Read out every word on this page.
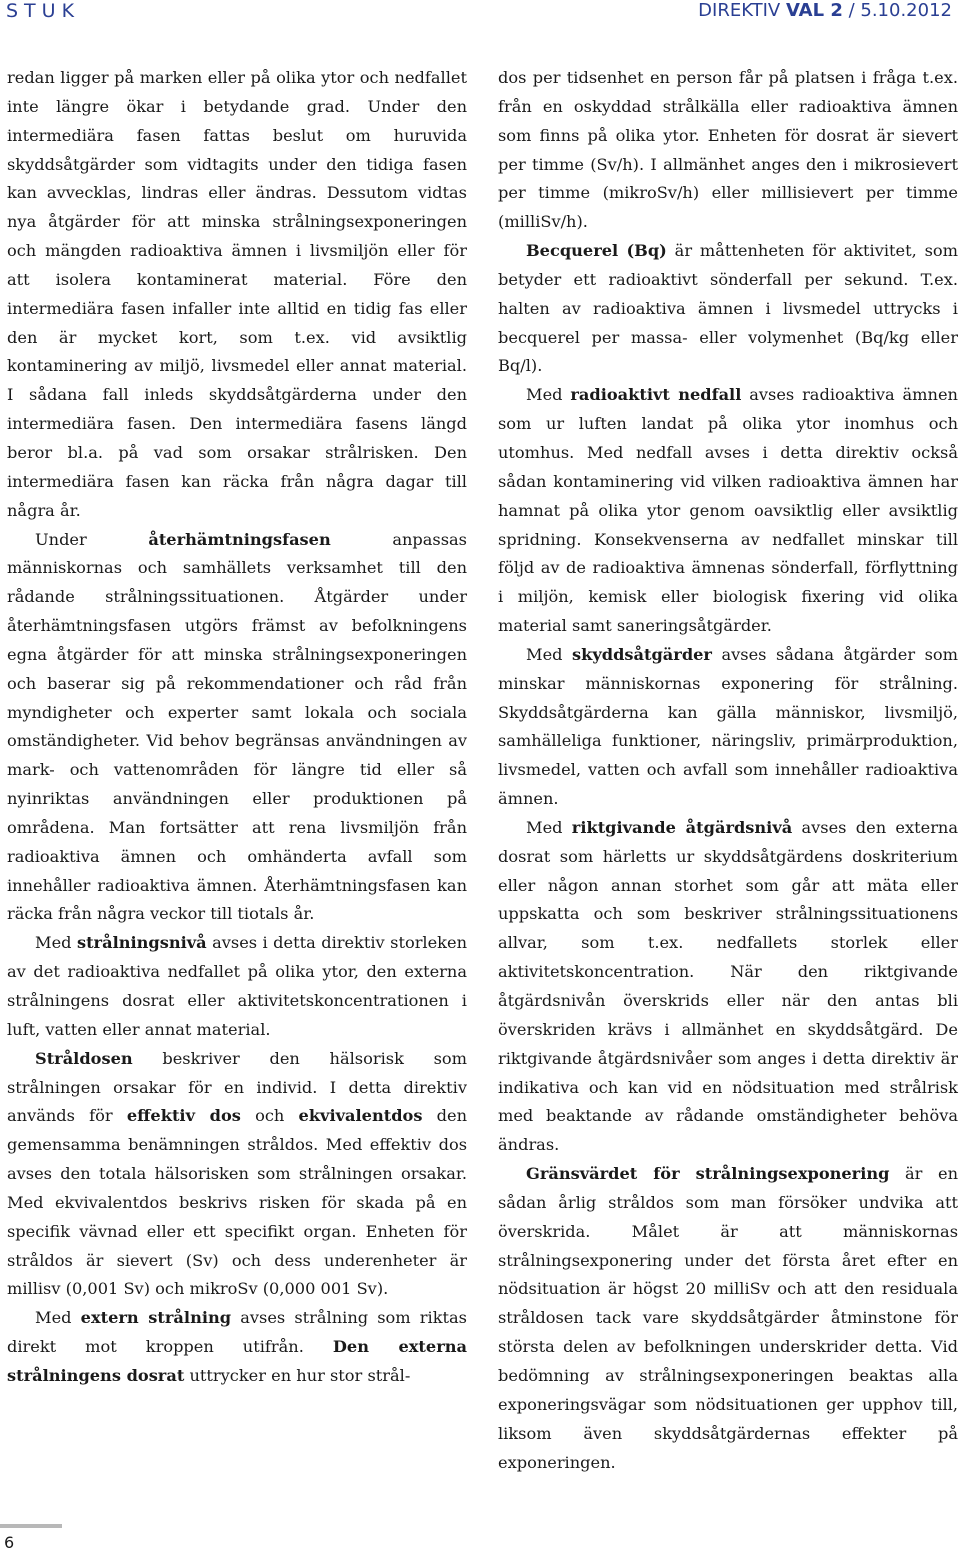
STUK	DIREKTIV VAL 2 / 5.10.2012

redan ligger på marken eller på olika ytor och nedfallet inte längre ökar i betydande grad. Under den intermediära fasen fattas beslut om huruvida skyddsåtgärder som vidtagits under den tidiga fasen kan avvecklas, lindras eller ändras. Dessutom vidtas nya åtgärder för att minska strålningsexponeringen och mängden radioaktiva ämnen i livsmiljön eller för att isolera kontaminerat material. Före den intermediära fasen infaller inte alltid en tidig fas eller den är mycket kort, som t.ex. vid avsiktlig kontaminering av miljö, livsmedel eller annat material. I sådana fall inleds skyddsåtgärderna under den intermediära fasen. Den intermediära fasens längd beror bl.a. på vad som orsakar strålrisken. Den intermediära fasen kan räcka från några dagar till några år.

Under återhämtningsfasen anpassas människornas och samhällets verksamhet till den rådande strålningssituationen. Åtgärder under återhämtningsfasen utgörs främst av befolkningens egna åtgärder för att minska strålningsexponeringen och baserar sig på rekommendationer och råd från myndigheter och experter samt lokala och sociala omständigheter. Vid behov begränsas användningen av mark- och vattenområden för längre tid eller så nyinriktas användningen eller produktionen på områdena. Man fortsätter att rena livsmiljön från radioaktiva ämnen och omhänderta avfall som innehåller radioaktiva ämnen. Återhämtningsfasen kan räcka från några veckor till tiotals år.

Med strålningsnivå avses i detta direktiv storleken av det radioaktiva nedfallet på olika ytor, den externa strålningens dosrat eller aktivitetskoncentrationen i luft, vatten eller annat material.

Stråldosen beskriver den hälsorisk som strålningen orsakar för en individ. I detta direktiv används för effektiv dos och ekvivalentdos den gemensamma benämningen stråldos. Med effektiv dos avses den totala hälsorisken som strålningen orsakar. Med ekvivalentdos beskrivs risken för skada på en specifik vävnad eller ett specifikt organ. Enheten för stråldos är sievert (Sv) och dess underenheter är millisv (0,001 Sv) och mikroSv (0,000 001 Sv).

Med extern strålning avses strålning som riktas direkt mot kroppen utifrån. Den externa strålningens dosrat uttrycker en hur stor strål-

dos per tidsenhet en person får på platsen i fråga t.ex. från en oskyddad strålkälla eller radioaktiva ämnen som finns på olika ytor. Enheten för dosrat är sievert per timme (Sv/h). I allmänhet anges den i mikrosievert per timme (mikroSv/h) eller millisievert per timme (milliSv/h).

Becquerel (Bq) är måttenheten för aktivitet, som betyder ett radioaktivt sönderfall per sekund. T.ex. halten av radioaktiva ämnen i livsmedel uttrycks i becquerel per massa- eller volymenhet (Bq/kg eller Bq/l).

Med radioaktivt nedfall avses radioaktiva ämnen som ur luften landat på olika ytor inomhus och utomhus. Med nedfall avses i detta direktiv också sådan kontaminering vid vilken radioaktiva ämnen har hamnat på olika ytor genom oavsiktlig eller avsiktlig spridning. Konsekvenserna av nedfallet minskar till följd av de radioaktiva ämnenas sönderfall, förflyttning i miljön, kemisk eller biologisk fixering vid olika material samt saneringsåtgärder.

Med skyddsåtgärder avses sådana åtgärder som minskar människornas exponering för strålning. Skyddsåtgärderna kan gälla människor, livsmiljö, samhälleliga funktioner, näringsliv, primärproduktion, livsmedel, vatten och avfall som innehåller radioaktiva ämnen.

Med riktgivande åtgärdsnivå avses den externa dosrat som härletts ur skyddsåtgärdens doskriterium eller någon annan storhet som går att mäta eller uppskatta och som beskriver strålningssituationens allvar, som t.ex. nedfallets storlek eller aktivitetskoncentration. När den riktgivande åtgärdsnivån överskrids eller när den antas bli överskriden krävs i allmänhet en skyddsåtgärd. De riktgivande åtgärdsnivåer som anges i detta direktiv är indikativa och kan vid en nödsituation med strålrisk med beaktande av rådande omständigheter behöva ändras.

Gränsvärdet för strålningsexponering är en sådan årlig stråldos som man försöker undvika att överskrida. Målet är att människornas strålningsexponering under det första året efter en nödsituation är högst 20 milliSv och att den residuala stråldosen tack vare skyddsåtgärder åtminstone för största delen av befolkningen underskrider detta. Vid bedömning av strålningsexponeringen beaktas alla exponeringsvägar som nödsituationen ger upphov till, liksom även skyddsåtgärdernas effekter på exponeringen.

6
